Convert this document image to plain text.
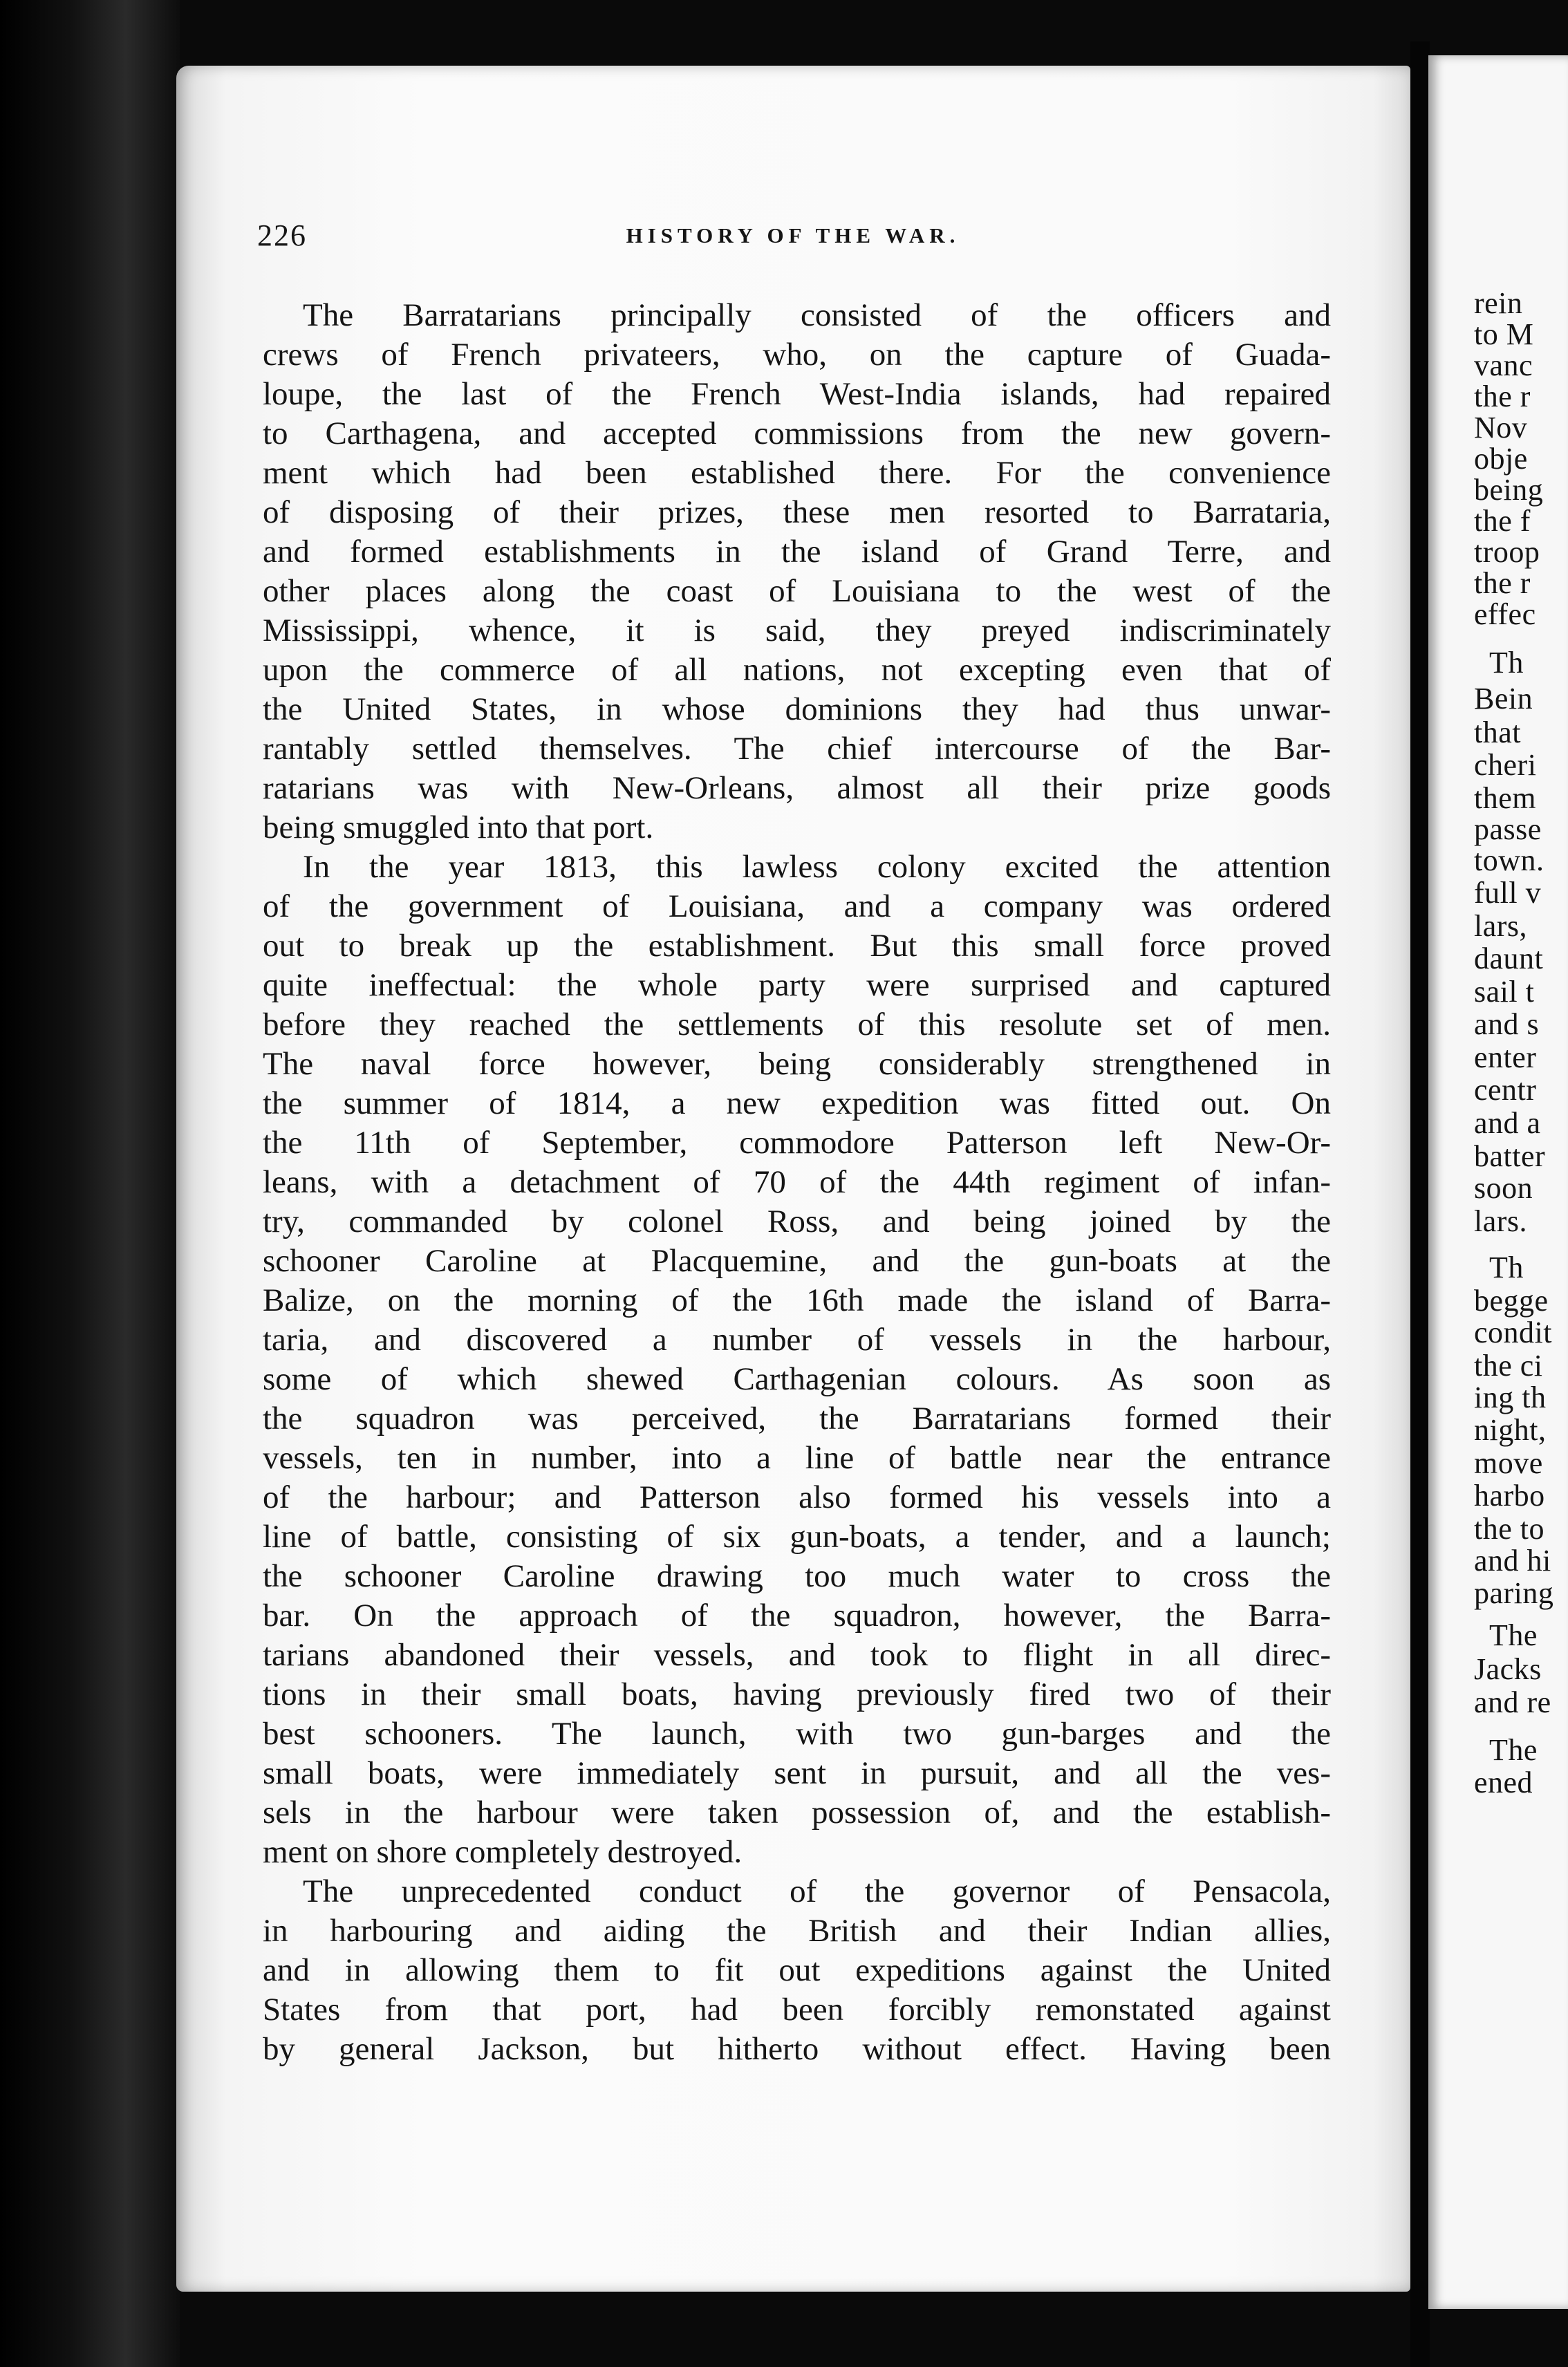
226	HISTORY OF THE WAR.
The Barratarians principally consisted of the officers and
crews of French privateers, who, on the capture of Guada-
loupe, the last of the French West-India islands, had repaired
to Carthagena, and accepted commissions from the new govern-
ment which had been established there. For the convenience
of disposing of their prizes, these men resorted to Barrataria,
and formed establishments in the island of Grand Terre, and
other places along the coast of Louisiana to the west of the
Mississippi, whence, it is said, they preyed indiscriminately
upon the commerce of all nations, not excepting even that of
the United States, in whose dominions they had thus unwar-
rantably settled themselves. The chief intercourse of the Bar-
ratarians was with New-Orleans, almost all their prize goods
being smuggled into that port.
In the year 1813, this lawless colony excited the attention
of the government of Louisiana, and a company was ordered
out to break up the establishment. But this small force proved
quite ineffectual: the whole party were surprised and captured
before they reached the settlements of this resolute set of men.
The naval force however, being considerably strengthened in
the summer of 1814, a new expedition was fitted out. On
the 11th of September, commodore Patterson left New-Or-
leans, with a detachment of 70 of the 44th regiment of infan-
try, commanded by colonel Ross, and being joined by the
schooner Caroline at Placquemine, and the gun-boats at the
Balize, on the morning of the 16th made the island of Barra-
taria, and discovered a number of vessels in the harbour,
some of which shewed Carthagenian colours. As soon as
the squadron was perceived, the Barratarians formed their
vessels, ten in number, into a line of battle near the entrance
of the harbour; and Patterson also formed his vessels into a
line of battle, consisting of six gun-boats, a tender, and a launch;
the schooner Caroline drawing too much water to cross the
bar. On the approach of the squadron, however, the Barra-
tarians abandoned their vessels, and took to flight in all direc-
tions in their small boats, having previously fired two of their
best schooners. The launch, with two gun-barges and the
small boats, were immediately sent in pursuit, and all the ves-
sels in the harbour were taken possession of, and the establish-
ment on shore completely destroyed.
The unprecedented conduct of the governor of Pensacola,
in harbouring and aiding the British and their Indian allies,
and in allowing them to fit out expeditions against the United
States from that port, had been forcibly remonstated against
by general Jackson, but hitherto without effect. Having been
rein
to M
vanc
the r
Nov
obje
being
the f
troop
the r
effec
Th
Bein
that
cheri
them
passe
town.
full v
lars,
daunt
sail t
and s
enter
centr
and a
batter
soon
lars.
Th
begge
condit
the ci
ing th
night,
move
harbo
the to
and hi
paring
The
Jacks
and re
The
ened
